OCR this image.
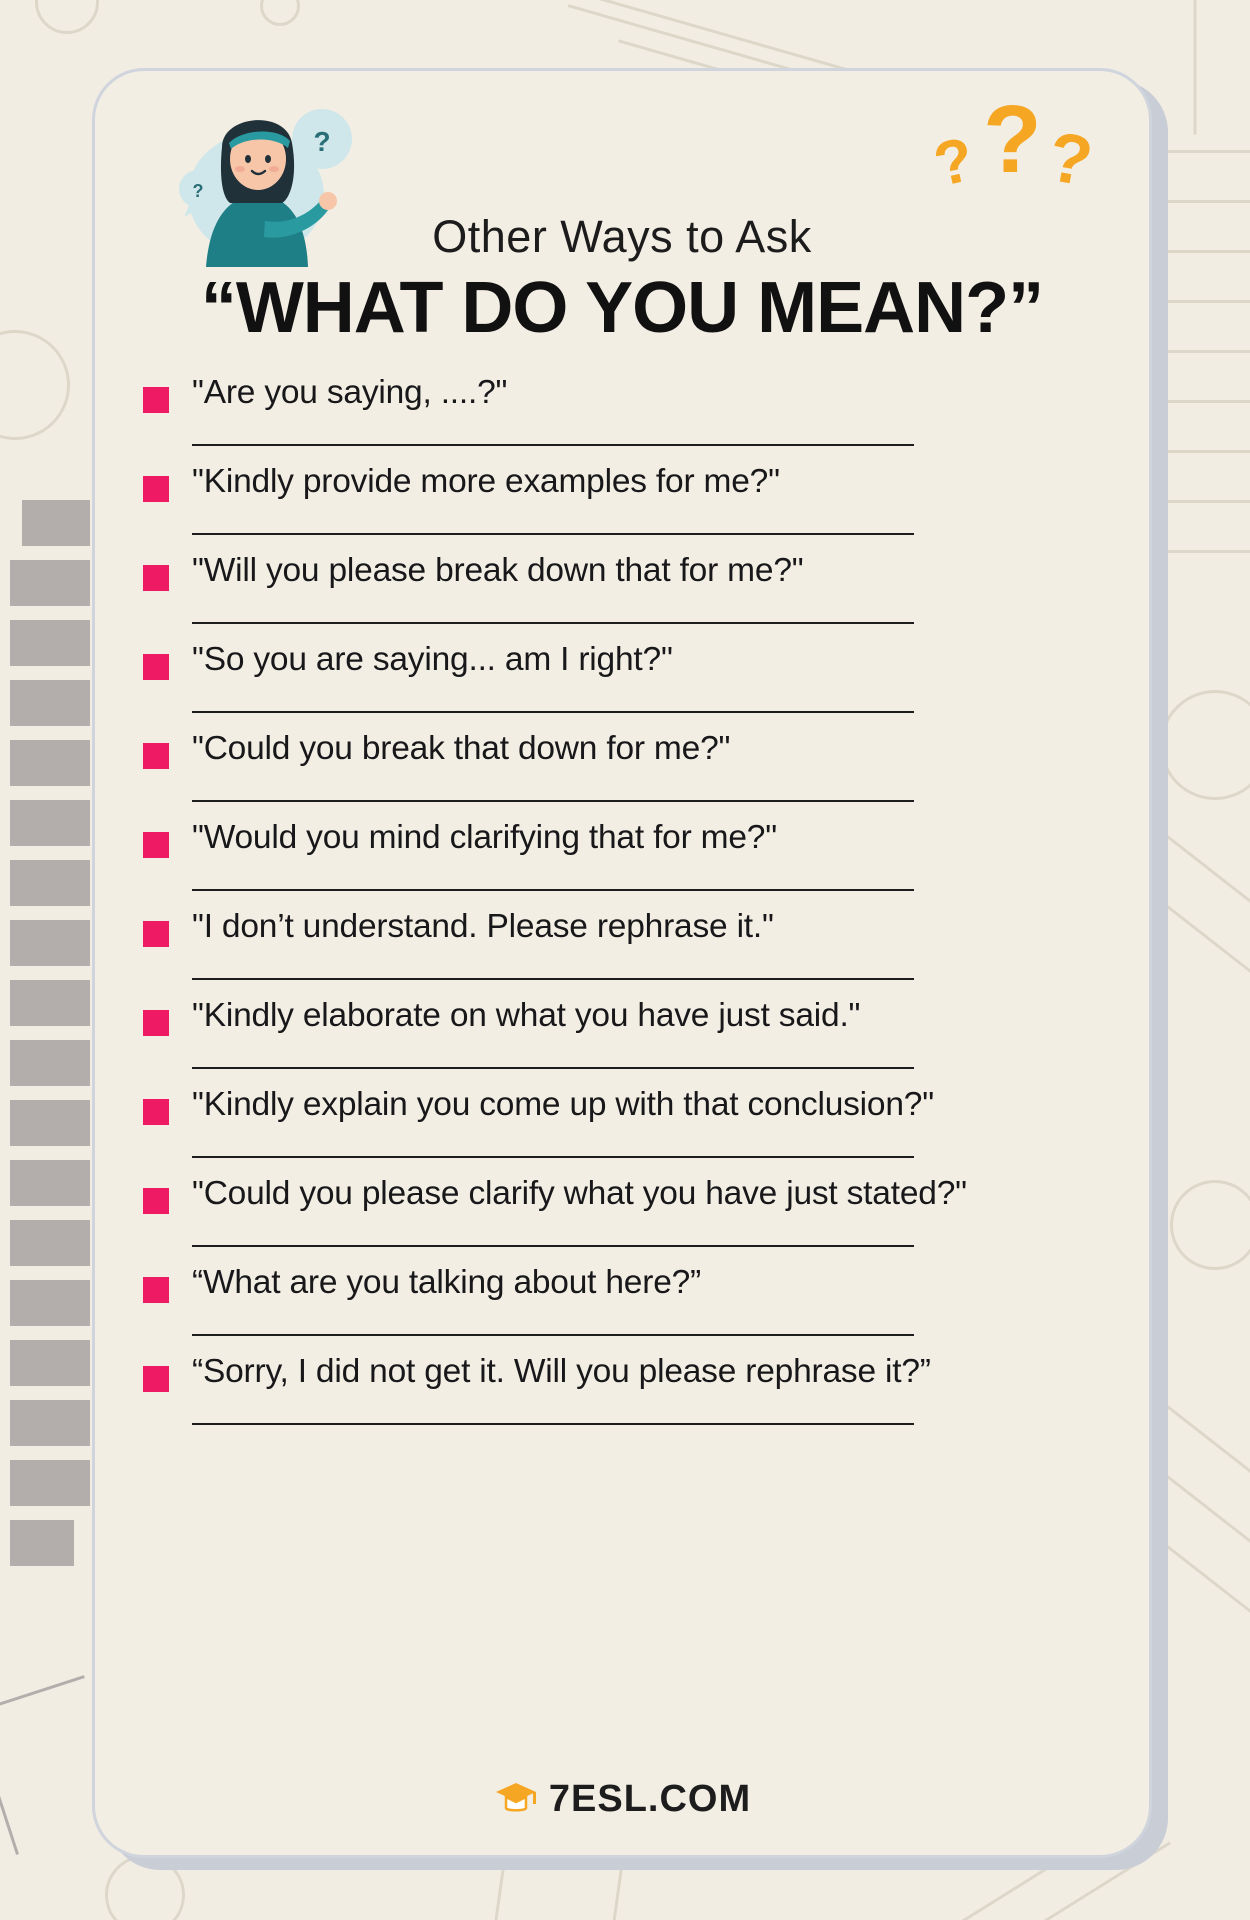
?
?	? ? ?
Other Ways to Ask
“WHAT DO YOU MEAN?”
"Are you saying, ....?"
"Kindly provide more examples for me?"
"Will you please break down that for me?"
"So you are saying... am I right?"
"Could you break that down for me?"
"Would you mind clarifying that for me?"
"I don’t understand. Please rephrase it."
"Kindly elaborate on what you have just said."
"Kindly explain you come up with that conclusion?"
"Could you please clarify what you have just stated?"
“What are you talking about here?”
“Sorry, I did not get it. Will you please rephrase it?”
7ESL.COM
